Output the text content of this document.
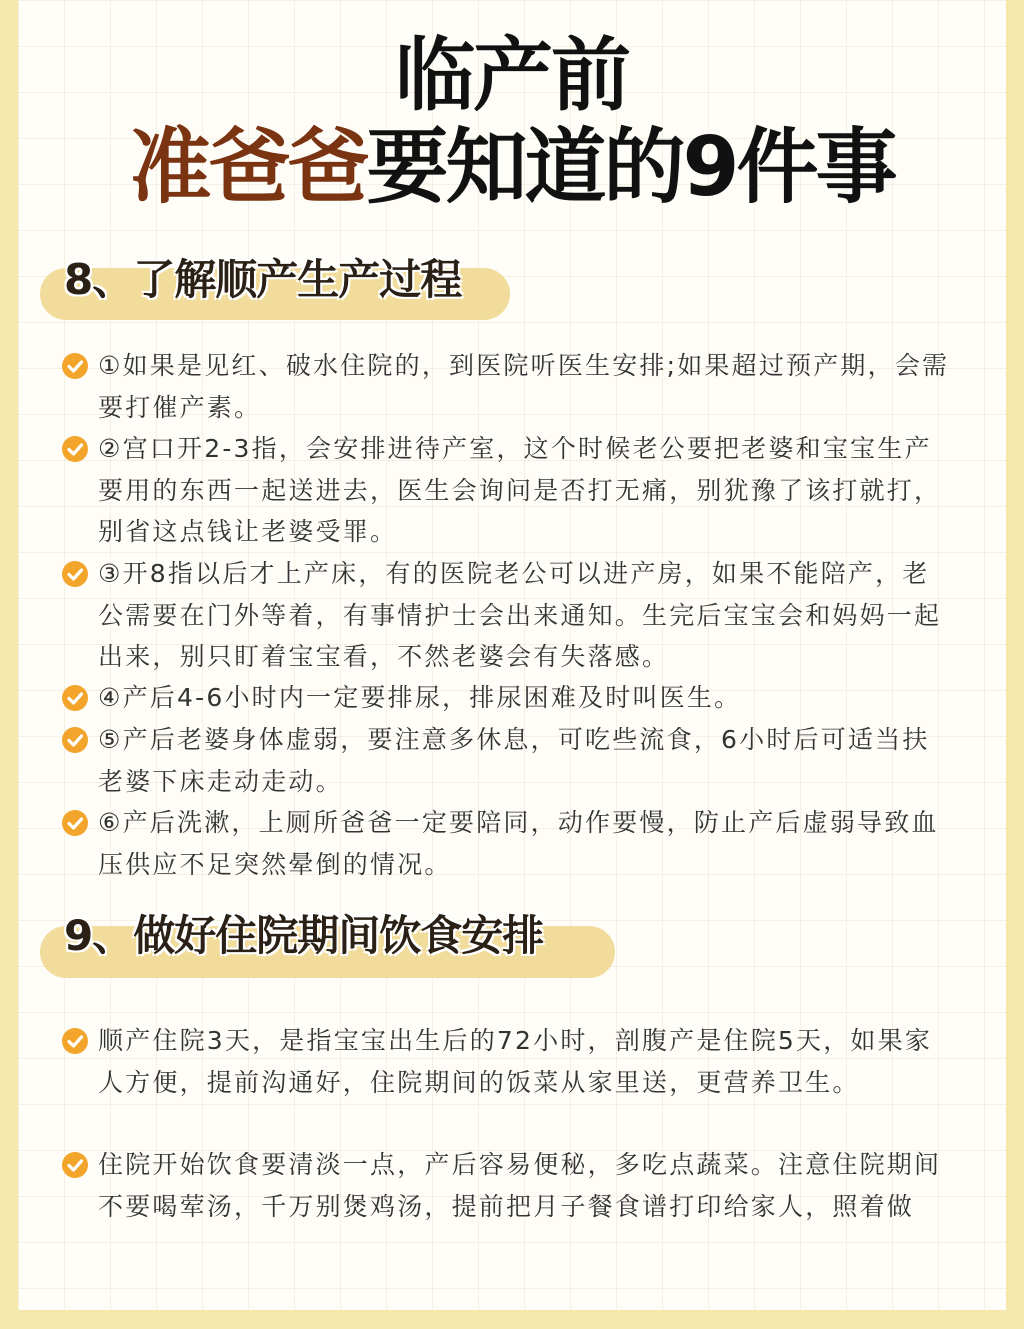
临产前
准爸爸要知道的9件事
8、了解顺产生产过程
①如果是见红、破水住院的，到医院听医生安排;如果超过预产期，会需要打催产素。
②宫口开2-3指，会安排进待产室，这个时候老公要把老婆和宝宝生产要用的东西一起送进去，医生会询问是否打无痛，别犹豫了该打就打，别省这点钱让老婆受罪。
③开8指以后才上产床，有的医院老公可以进产房，如果不能陪产，老公需要在门外等着，有事情护士会出来通知。生完后宝宝会和妈妈一起出来，别只盯着宝宝看，不然老婆会有失落感。
④产后4-6小时内一定要排尿，排尿困难及时叫医生。
⑤产后老婆身体虚弱，要注意多休息，可吃些流食，6小时后可适当扶老婆下床走动走动。
⑥产后洗漱，上厕所爸爸一定要陪同，动作要慢，防止产后虚弱导致血压供应不足突然晕倒的情况。
9、做好住院期间饮食安排
顺产住院3天，是指宝宝出生后的72小时，剖腹产是住院5天，如果家人方便，提前沟通好，住院期间的饭菜从家里送，更营养卫生。
住院开始饮食要清淡一点，产后容易便秘，多吃点蔬菜。注意住院期间不要喝荤汤，千万别煲鸡汤，提前把月子餐食谱打印给家人，照着做
